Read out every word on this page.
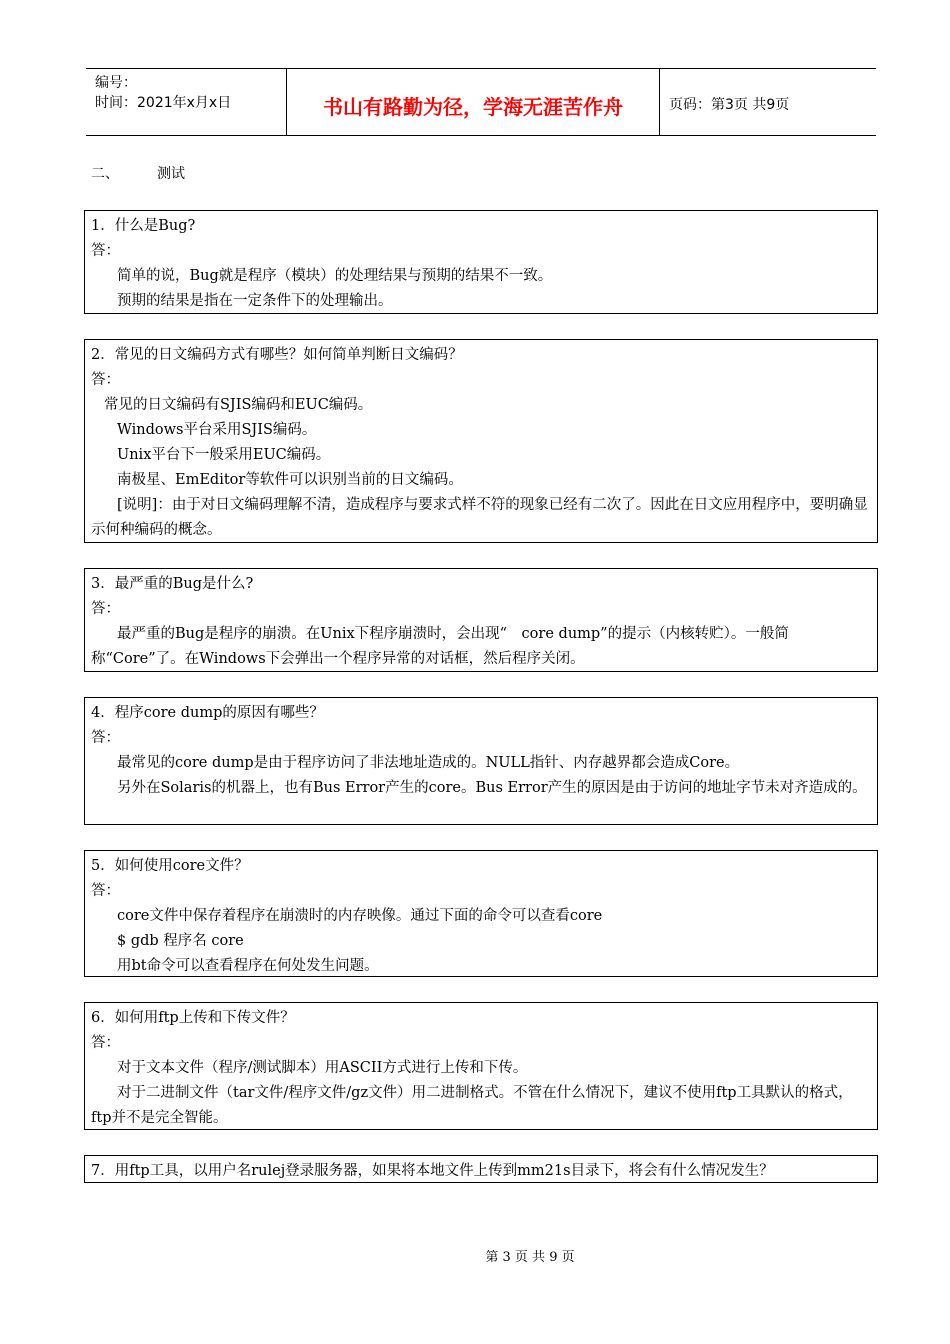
编号：
时间：2021年x月x日	书山有路勤为径，学海无涯苦作舟	页码：第3页 共9页
二、	测试

1．什么是Bug?

答：

简单的说，Bug就是程序（模块）的处理结果与预期的结果不一致。

预期的结果是指在一定条件下的处理输出。

2．常见的日文编码方式有哪些？如何简单判断日文编码？

答：

常见的日文编码有SJIS编码和EUC编码。

Windows平台采用SJIS编码。

Unix平台下一般采用EUC编码。

南极星、EmEditor等软件可以识别当前的日文编码。

[说明]：由于对日文编码理解不清，造成程序与要求式样不符的现象已经有二次了。因此在日文应用程序中，要明确显示何种编码的概念。

3．最严重的Bug是什么?

答：

最严重的Bug是程序的崩溃。在Unix下程序崩溃时，会出现“　core dump”的提示（内核转贮）。一般简称“Core”了。在Windows下会弹出一个程序异常的对话框，然后程序关闭。

4．程序core dump的原因有哪些？

答：

最常见的core dump是由于程序访问了非法地址造成的。NULL指针、内存越界都会造成Core。

另外在Solaris的机器上，也有Bus Error产生的core。Bus Error产生的原因是由于访问的地址字节未对齐造成的。

5．如何使用core文件？

答：

core文件中保存着程序在崩溃时的内存映像。通过下面的命令可以查看core

$ gdb 程序名 core

用bt命令可以查看程序在何处发生问题。

6．如何用ftp上传和下传文件？

答：

对于文本文件（程序/测试脚本）用ASCII方式进行上传和下传。

对于二进制文件（tar文件/程序文件/gz文件）用二进制格式。不管在什么情况下，建议不使用ftp工具默认的格式，ftp并不是完全智能。

7．用ftp工具，以用户名rulej登录服务器，如果将本地文件上传到mm21s目录下，将会有什么情况发生？

第 3 页 共 9 页
